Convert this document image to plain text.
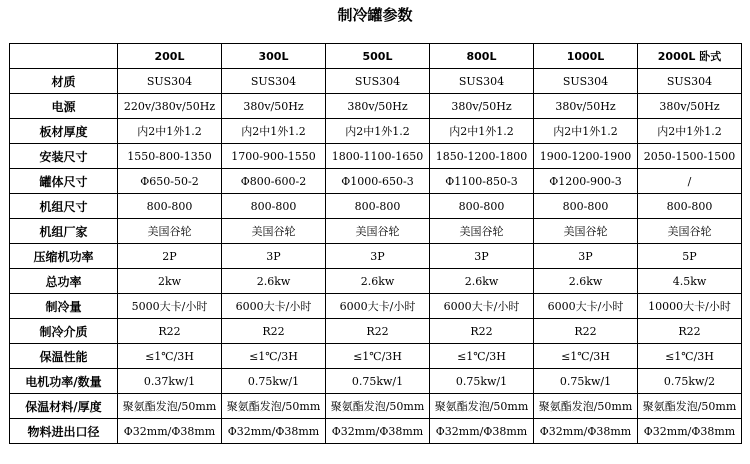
制冷罐参数
	200L	300L	500L	800L	1000L	2000L 卧式
材质	SUS304	SUS304	SUS304	SUS304	SUS304	SUS304
电源	220v/380v/50Hz	380v/50Hz	380v/50Hz	380v/50Hz	380v/50Hz	380v/50Hz
板材厚度	内2中1外1.2	内2中1外1.2	内2中1外1.2	内2中1外1.2	内2中1外1.2	内2中1外1.2
安装尺寸	1550-800-1350	1700-900-1550	1800-1100-1650	1850-1200-1800	1900-1200-1900	2050-1500-1500
罐体尺寸	Φ650-50-2	Φ800-600-2	Φ1000-650-3	Φ1100-850-3	Φ1200-900-3	/
机组尺寸	800-800	800-800	800-800	800-800	800-800	800-800
机组厂家	美国谷轮	美国谷轮	美国谷轮	美国谷轮	美国谷轮	美国谷轮
压缩机功率	2P	3P	3P	3P	3P	5P
总功率	2kw	2.6kw	2.6kw	2.6kw	2.6kw	4.5kw
制冷量	5000大卡/小时	6000大卡/小时	6000大卡/小时	6000大卡/小时	6000大卡/小时	10000大卡/小时
制冷介质	R22	R22	R22	R22	R22	R22
保温性能	≤1℃/3H	≤1℃/3H	≤1℃/3H	≤1℃/3H	≤1℃/3H	≤1℃/3H
电机功率/数量	0.37kw/1	0.75kw/1	0.75kw/1	0.75kw/1	0.75kw/1	0.75kw/2
保温材料/厚度	聚氨酯发泡/50mm	聚氨酯发泡/50mm	聚氨酯发泡/50mm	聚氨酯发泡/50mm	聚氨酯发泡/50mm	聚氨酯发泡/50mm
物料进出口径	Φ32mm/Φ38mm	Φ32mm/Φ38mm	Φ32mm/Φ38mm	Φ32mm/Φ38mm	Φ32mm/Φ38mm	Φ32mm/Φ38mm
